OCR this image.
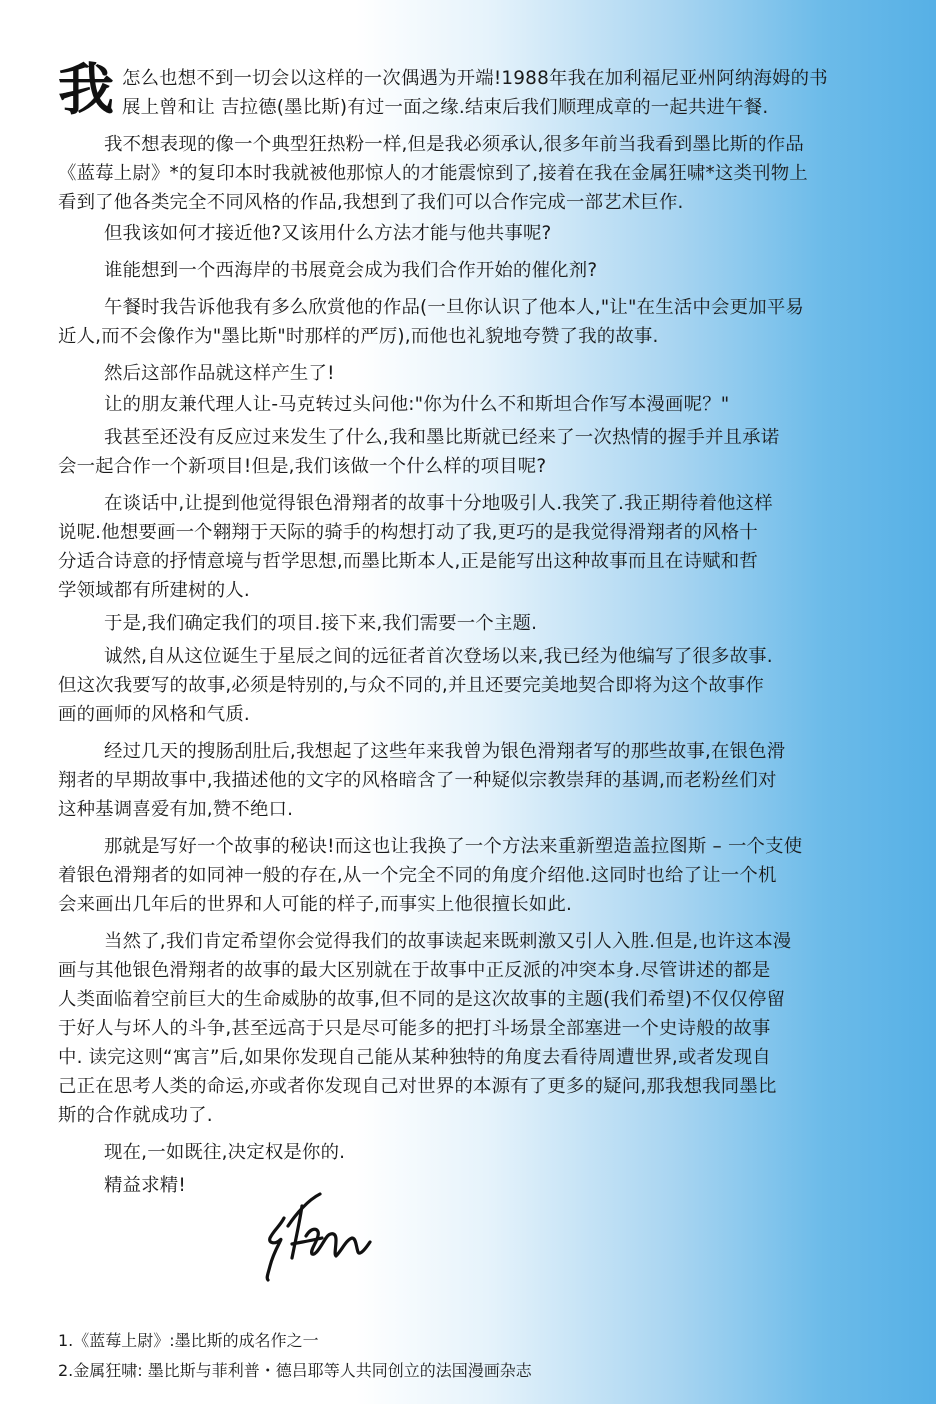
我 怎么也想不到一切会以这样的一次偶遇为开端!1988年我在加利福尼亚州阿纳海姆的书

展上曾和让 吉拉德(墨比斯)有过一面之缘.结束后我们顺理成章的一起共进午餐.

我不想表现的像一个典型狂热粉一样,但是我必须承认,很多年前当我看到墨比斯的作品

《蓝莓上尉》*的复印本时我就被他那惊人的才能震惊到了,接着在我在金属狂啸*这类刊物上

看到了他各类完全不同风格的作品,我想到了我们可以合作完成一部艺术巨作.

但我该如何才接近他?又该用什么方法才能与他共事呢?

谁能想到一个西海岸的书展竟会成为我们合作开始的催化剂?

午餐时我告诉他我有多么欣赏他的作品(一旦你认识了他本人,"让"在生活中会更加平易

近人,而不会像作为"墨比斯"时那样的严厉),而他也礼貌地夸赞了我的故事.

然后这部作品就这样产生了!

让的朋友兼代理人让-马克转过头问他:"你为什么不和斯坦合作写本漫画呢？"

我甚至还没有反应过来发生了什么,我和墨比斯就已经来了一次热情的握手并且承诺

会一起合作一个新项目!但是,我们该做一个什么样的项目呢?

在谈话中,让提到他觉得银色滑翔者的故事十分地吸引人.我笑了.我正期待着他这样

说呢.他想要画一个翱翔于天际的骑手的构想打动了我,更巧的是我觉得滑翔者的风格十

分适合诗意的抒情意境与哲学思想,而墨比斯本人,正是能写出这种故事而且在诗赋和哲

学领域都有所建树的人.

于是,我们确定我们的项目.接下来,我们需要一个主题.

诚然,自从这位诞生于星辰之间的远征者首次登场以来,我已经为他编写了很多故事.

但这次我要写的故事,必须是特别的,与众不同的,并且还要完美地契合即将为这个故事作

画的画师的风格和气质.

经过几天的搜肠刮肚后,我想起了这些年来我曾为银色滑翔者写的那些故事,在银色滑

翔者的早期故事中,我描述他的文字的风格暗含了一种疑似宗教崇拜的基调,而老粉丝们对

这种基调喜爱有加,赞不绝口.

那就是写好一个故事的秘诀!而这也让我换了一个方法来重新塑造盖拉图斯 – 一个支使

着银色滑翔者的如同神一般的存在,从一个完全不同的角度介绍他.这同时也给了让一个机

会来画出几年后的世界和人可能的样子,而事实上他很擅长如此.

当然了,我们肯定希望你会觉得我们的故事读起来既刺激又引人入胜.但是,也许这本漫

画与其他银色滑翔者的故事的最大区别就在于故事中正反派的冲突本身.尽管讲述的都是

人类面临着空前巨大的生命威胁的故事,但不同的是这次故事的主题(我们希望)不仅仅停留

于好人与坏人的斗争,甚至远高于只是尽可能多的把打斗场景全部塞进一个史诗般的故事

中. 读完这则“寓言”后,如果你发现自己能从某种独特的角度去看待周遭世界,或者发现自

己正在思考人类的命运,亦或者你发现自己对世界的本源有了更多的疑问,那我想我同墨比

斯的合作就成功了.

现在,一如既往,决定权是你的.

精益求精!

1.《蓝莓上尉》:墨比斯的成名作之一
2.金属狂啸: 墨比斯与菲利普・德吕耶等人共同创立的法国漫画杂志
